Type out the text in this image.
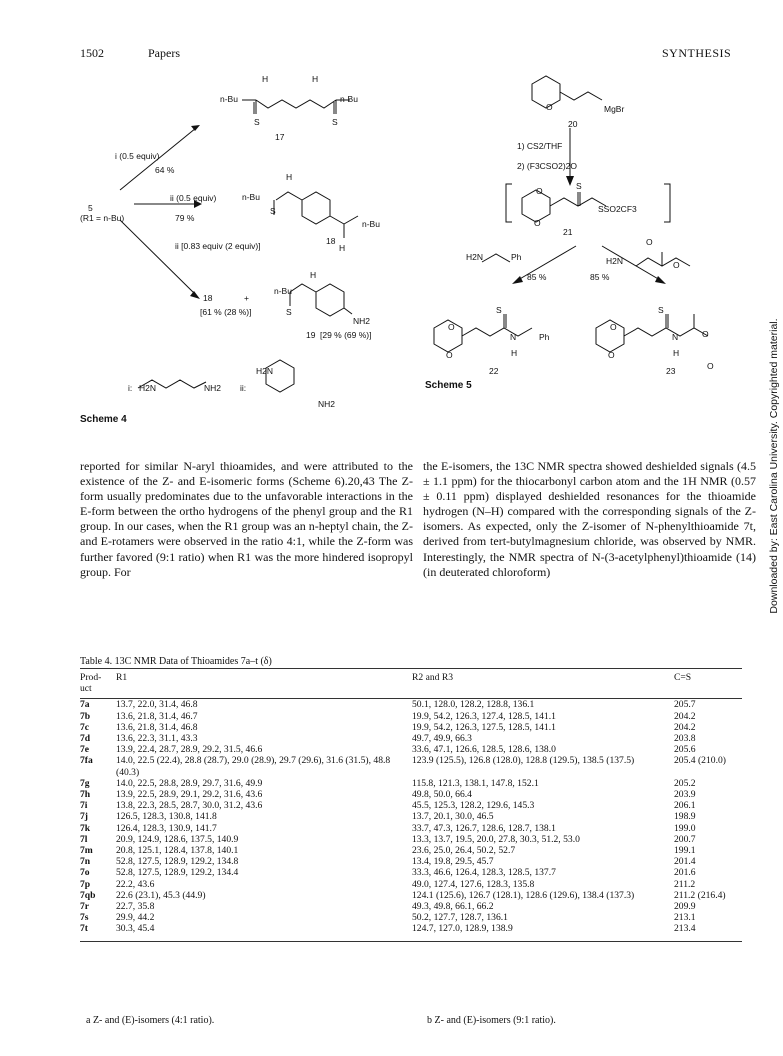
1502	Papers	SYNTHESIS
H	H
n-Bu	n-Bu
S	S
17
i (0.5 equiv)
64 %
H
5
(R1 = n-Bu)
ii (0.5 equiv)
79 %
n-Bu
S
n-Bu
18
H
ii [0.83 equiv (2 equiv)]
H
n-Bu
18	+
[61 % (28 %)]	S
NH2
19 [29 % (69 %)]
H2N
i: H2N	NH2 ii:
NH2
Scheme 4
O	MgBr
20
1) CS2/THF
2) (F3CSO2)2O
S
O
SSO2CF3
O
21
O
H2N	Ph	H2N	O
85 %	85 %
S	S
O	O
O
N	Ph	N
O	O
H	H
O
22	23
Scheme 5

reported for similar N-aryl thioamides, and were attributed to the existence of the Z- and E-isomeric forms (Scheme 6).20,43 The Z-form usually predominates due to the unfavorable interactions in the E-form between the ortho hydrogens of the phenyl group and the R1 group. In our cases, when the R1 group was an n-heptyl chain, the Z- and E-rotamers were observed in the ratio 4:1, while the Z-form was further favored (9:1 ratio) when R1 was the more hindered isopropyl group. For

the E-isomers, the 13C NMR spectra showed deshielded signals (4.5 ± 1.1 ppm) for the thiocarbonyl carbon atom and the 1H NMR (0.57 ± 0.11 ppm) displayed deshielded resonances for the thioamide hydrogen (N–H) compared with the corresponding signals of the Z-isomers. As expected, only the Z-isomer of N-phenylthioamide 7t, derived from tert-butylmagnesium chloride, was observed by NMR. Interestingly, the NMR spectra of N-(3-acetylphenyl)thioamide (14) (in deuterated chloroform)

Table 4. 13C NMR Data of Thioamides 7a–t (δ)
Prod-
uct	R1	R2 and R3	C=S
7a	13.7, 22.0, 31.4, 46.8	50.1, 128.0, 128.2, 128.8, 136.1	205.7
7b	13.6, 21.8, 31.4, 46.7	19.9, 54.2, 126.3, 127.4, 128.5, 141.1	204.2
7c	13.6, 21.8, 31.4, 46.8	19.9, 54.2, 126.3, 127.5, 128.5, 141.1	204.2
7d	13.6, 22.3, 31.1, 43.3	49.7, 49.9, 66.3	203.8
7e	13.9, 22.4, 28.7, 28.9, 29.2, 31.5, 46.6	33.6, 47.1, 126.6, 128.5, 128.6, 138.0	205.6
7fa	14.0, 22.5 (22.4), 28.8 (28.7), 29.0 (28.9), 29.7 (29.6), 31.6 (31.5), 48.8 (40.3)	123.9 (125.5), 126.8 (128.0), 128.8 (129.5), 138.5 (137.5)	205.4 (210.0)
7g	14.0, 22.5, 28.8, 28.9, 29.7, 31.6, 49.9	115.8, 121.3, 138.1, 147.8, 152.1	205.2
7h	13.9, 22.5, 28.9, 29.1, 29.2, 31.6, 43.6	49.8, 50.0, 66.4	203.9
7i	13.8, 22.3, 28.5, 28.7, 30.0, 31.2, 43.6	45.5, 125.3, 128.2, 129.6, 145.3	206.1
7j	126.5, 128.3, 130.8, 141.8	13.7, 20.1, 30.0, 46.5	198.9
7k	126.4, 128.3, 130.9, 141.7	33.7, 47.3, 126.7, 128.6, 128.7, 138.1	199.0
7l	20.9, 124.9, 128.6, 137.5, 140.9	13.3, 13.7, 19.5, 20.0, 27.8, 30.3, 51.2, 53.0	200.7
7m	20.8, 125.1, 128.4, 137.8, 140.1	23.6, 25.0, 26.4, 50.2, 52.7	199.1
7n	52.8, 127.5, 128.9, 129.2, 134.8	13.4, 19.8, 29.5, 45.7	201.4
7o	52.8, 127.5, 128.9, 129.2, 134.4	33.3, 46.6, 126.4, 128.3, 128.5, 137.7	201.6
7p	22.2, 43.6	49.0, 127.4, 127.6, 128.3, 135.8	211.2
7qb	22.6 (23.1), 45.3 (44.9)	124.1 (125.6), 126.7 (128.1), 128.6 (129.6), 138.4 (137.3)	211.2 (216.4)
7r	22.7, 35.8	49.3, 49.8, 66.1, 66.2	209.9
7s	29.9, 44.2	50.2, 127.7, 128.7, 136.1	213.1
7t	30.3, 45.4	124.7, 127.0, 128.9, 138.9	213.4
a Z- and (E)-isomers (4:1 ratio).	b Z- and (E)-isomers (9:1 ratio).
Downloaded by: East Carolina University. Copyrighted material.
